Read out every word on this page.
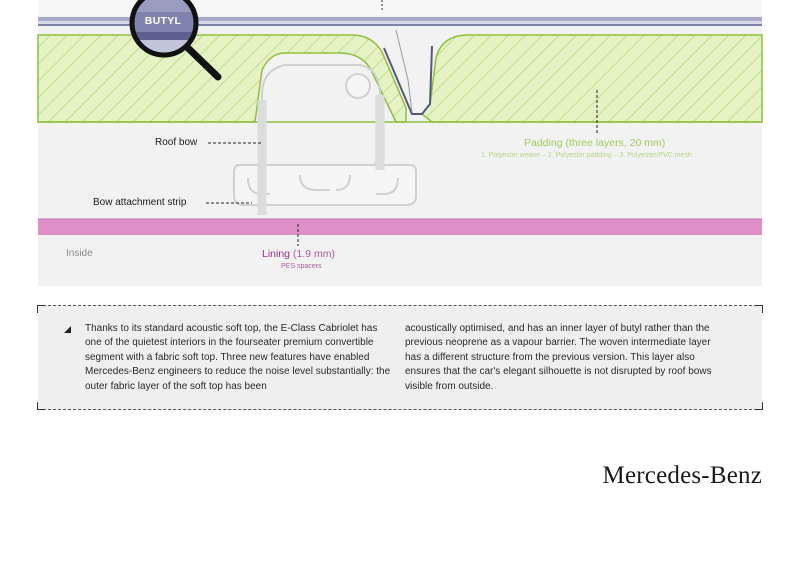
BUTYL
Roof bow
Bow attachment strip
Inside
Padding (three layers, 20 mm)
1. Polyester weave – 2. Polyester padding – 3. Polyester/PVC mesh
Lining (1.9 mm)
PES spacers
Thanks to its standard acoustic soft top, the E-Class Cabriolet has one of the quietest interiors in the fourseater premium convertible segment with a fabric soft top. Three new features have enabled Mercedes-Benz engineers to reduce the noise level substantially: the outer fabric layer of the soft top has been
acoustically optimised, and has an inner layer of butyl rather than the previous neoprene as a vapour barrier. The woven intermediate layer has a different structure from the previous version. This layer also ensures that the car's elegant silhouette is not disrupted by roof bows visible from outside.
Mercedes-Benz
